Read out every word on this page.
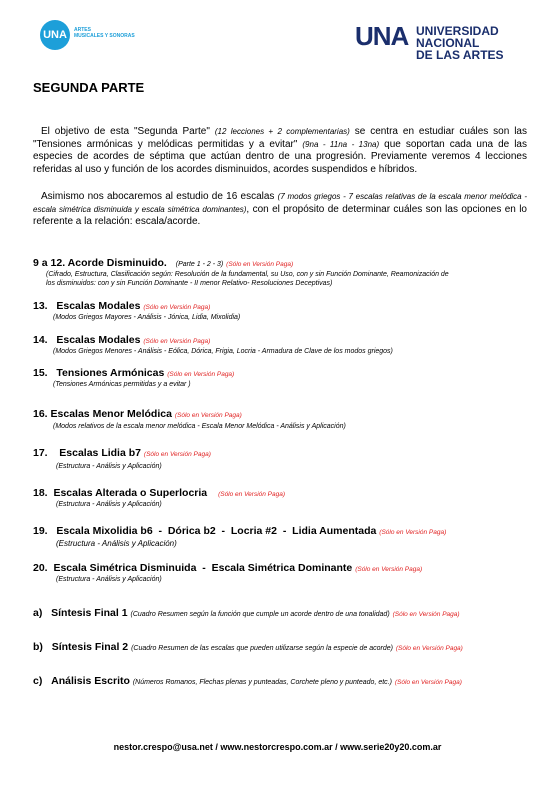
UNA	ARTES
MUSICALES Y SONORAS	UNA UNIVERSIDAD NACIONAL
DE LAS ARTES
SEGUNDA PARTE
El objetivo de esta "Segunda Parte" (12 lecciones + 2 complementarias) se centra en estudiar cuáles son las "Tensiones armónicas y melódicas permitidas y a evitar" (9na - 11na - 13na) que soportan cada una de las especies de acordes de séptima que actúan dentro de una progresión. Previamente veremos 4 lecciones referidas al uso y función de los acordes disminuidos, acordes suspendidos e híbridos.
Asimismo nos abocaremos al estudio de 16 escalas (7 modos griegos - 7 escalas relativas de la escala menor melódica - escala simétrica disminuida y escala simétrica dominantes), con el propósito de determinar cuáles son las opciones en lo referente a la relación: escala/acorde.
9 a 12. Acorde Disminuido. (Parte 1 - 2 - 3) (Sólo en Versión Paga)
(Cifrado, Estructura, Clasificación según: Resolución de la fundamental, su Uso, con y sin Función Dominante, Reamonización de
los disminuidos: con y sin Función Dominante - II menor Relativo- Resoluciones Deceptivas)
13. Escalas Modales (Sólo en Versión Paga)
(Modos Griegos Mayores - Análisis - Jónica, Lidia, Mixolidia)
14. Escalas Modales (Sólo en Versión Paga)
(Modos Griegos Menores - Análisis - Eólica, Dórica, Frigia, Locria - Armadura de Clave de los modos griegos)
15. Tensiones Armónicas (Sólo en Versión Paga)
(Tensiones Armónicas permitidas y a evitar )
16. Escalas Menor Melódica (Sólo en Versión Paga)
(Modos relativos de la escala menor melódica - Escala Menor Melódica - Análisis y Aplicación)
17. Escalas Lidia b7 (Sólo en Versión Paga)
(Estructura - Análisis y Aplicación)
18. Escalas Alterada o Superlocria (Sólo en Versión Paga)
(Estructura - Análisis y Aplicación)
19. Escala Mixolidia b6  -  Dórica b2  -  Locria #2  -  Lidia Aumentada (Sólo en Versión Paga)
(Estructura - Análisis y Aplicación)
20. Escala Simétrica Disminuida  -  Escala Simétrica Dominante (Sólo en Versión Paga)
(Estructura - Análisis y Aplicación)
a) Síntesis Final 1 (Cuadro Resumen según la función que cumple un acorde dentro de una tonalidad) (Sólo en Versión Paga)
b) Síntesis Final 2 (Cuadro Resumen de las escalas que pueden utilizarse según la especie de acorde) (Sólo en Versión Paga)
c) Análisis Escrito (Números Romanos, Flechas plenas y punteadas, Corchete pleno y punteado, etc.) (Sólo en Versión Paga)
nestor.crespo@usa.net / www.nestorcrespo.com.ar / www.serie20y20.com.ar
